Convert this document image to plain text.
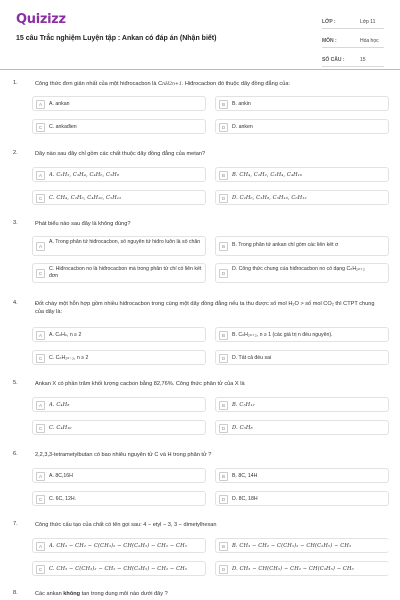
Quizizz
15 câu Trắc nghiệm Luyện tập : Ankan có đáp án (Nhận biết)
LỚP :	Lớp 11
MÔN :	Hóa học
SỐ CÂU :	15
1.	Công thức đơn giản nhất của một hiđrocacbon là CnH2n+1. Hiđrocacbon đó thuộc dãy đồng đẳng của:
A	A. ankan	B	B. ankin
C	C. ankađien	D	D. anken
2.	Dãy nào sau đây chỉ gồm các chất thuộc dãy đồng đẳng của metan?
A	A. C₂H₂, C₃H₄, C₄H₆, C₅H₈	B	B. CH₄, C₂H₂, C₃H₄, C₄H₁₀
C	C. CH₄, C₂H₆, C₄H₁₀, C₅H₁₂	D	D. C₂H₆, C₃H₈, C₅H₁₀, C₆H₁₂
3.	Phát biểu nào sau đây là không đúng?
A
A. Trong phân tử hiđrocacbon, số nguyên tử hiđro luôn là số chẵn
B	B. Trong phân tử ankan chỉ gồm các liên kết σ
C
C. Hiđrocacbon no là hiđrocacbon mà trong phân tử chỉ có liên kết đơn	D
D. Công thức chung của hiđrocacbon no có dạng CₙH₂ₙ₊₂
4.	Đốt cháy một hỗn hợp gồm nhiều hiđrocacbon trong cùng một dãy đồng đẳng nếu ta thu được số mol H₂O > số mol CO₂ thì CTPT chung của dãy là:
A	A. CₙHₙ, n ≥ 2	B	B. CₙH₂ₙ₊₂, n ≥ 1 (các giá trị n đều nguyên).
C	C. CₙH₂ₙ₋₂, n ≥ 2	D	D. Tất cả đều sai
5.	Ankan X có phần trăm khối lượng cacbon bằng 82,76%. Công thức phân tử của X là
A	A. C₄H₈	B	B. C₅H₁₂
C	C. C₄H₁₀	D	D. C₃H₈
6.	2,2,3,3-tetrametylbutan có bao nhiêu nguyên tử C và H trong phân tử ?
A	A. 8C,16H	B	B. 8C, 14H
C	C. 6C, 12H.	D	D. 8C, 18H
7.	Công thức cấu tạo của chất có tên gọi sau: 4 − etyl − 3, 3 − dimetylhexan
A	A. CH₃ − CH₂ − C(CH₃)₂ − CH(C₂H₅) − CH₂ − CH₃	B	B. CH₃ − CH₂ − C(CH₃)₂ − CH(C₂H₅) − CH₃
C	C. CH₃ − C(CH₃)₂ − CH₂ − CH(C₂H₅) − CH₂ − CH₃	D	D. CH₃ − CH(CH₃) − CH₂ − CH(C₂H₅) − CH₃
8.	Các ankan không tan trong dung môi nào dưới đây ?
